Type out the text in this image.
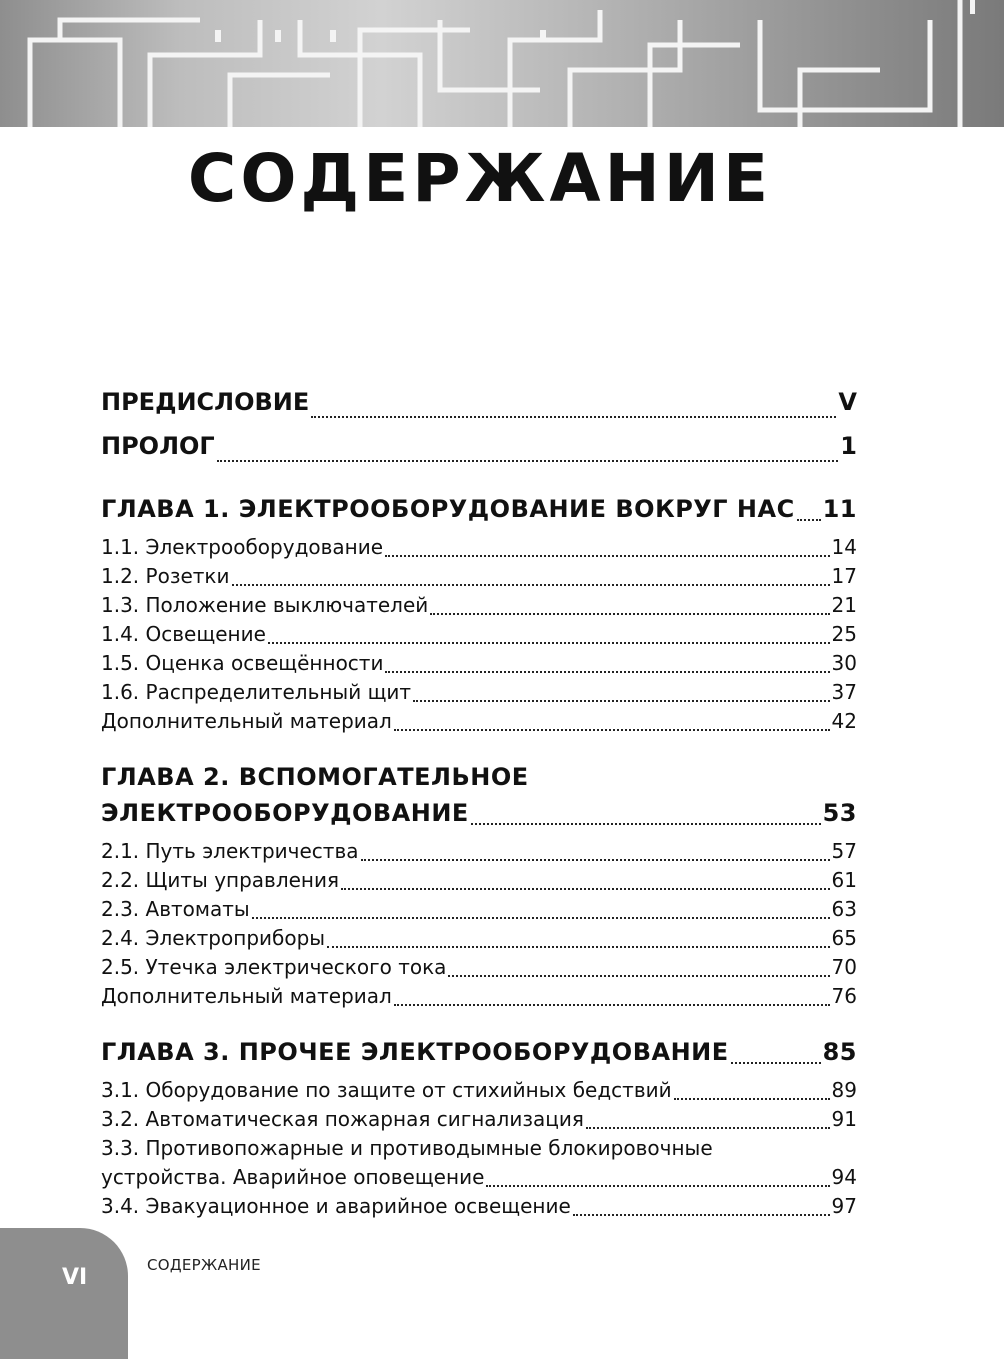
СОДЕРЖАНИЕ
ПРЕДИСЛОВИЕ	V
ПРОЛОГ	1
ГЛАВА 1. ЭЛЕКТРООБОРУДОВАНИЕ ВОКРУГ НАС 11
1.1. Электрооборудование	14
1.2. Розетки	17
1.3. Положение выключателей	21
1.4. Освещение	25
1.5. Оценка освещённости	30
1.6. Распределительный щит	37
Дополнительный материал	42
ГЛАВА 2. ВСПОМОГАТЕЛЬНОЕ
ЭЛЕКТРООБОРУДОВАНИЕ	53
2.1. Путь электричества	57
2.2. Щиты управления	61
2.3. Автоматы	63
2.4. Электроприборы	65
2.5. Утечка электрического тока	70
Дополнительный материал	76
ГЛАВА 3. ПРОЧЕЕ ЭЛЕКТРООБОРУДОВАНИЕ	85
3.1. Оборудование по защите от стихийных бедствий	89
3.2. Автоматическая пожарная сигнализация	91
3.3. Противопожарные и противодымные блокировочные
устройства. Аварийное оповещение	94
3.4. Эвакуационное и аварийное освещение	97
VI	СОДЕРЖАНИЕ
